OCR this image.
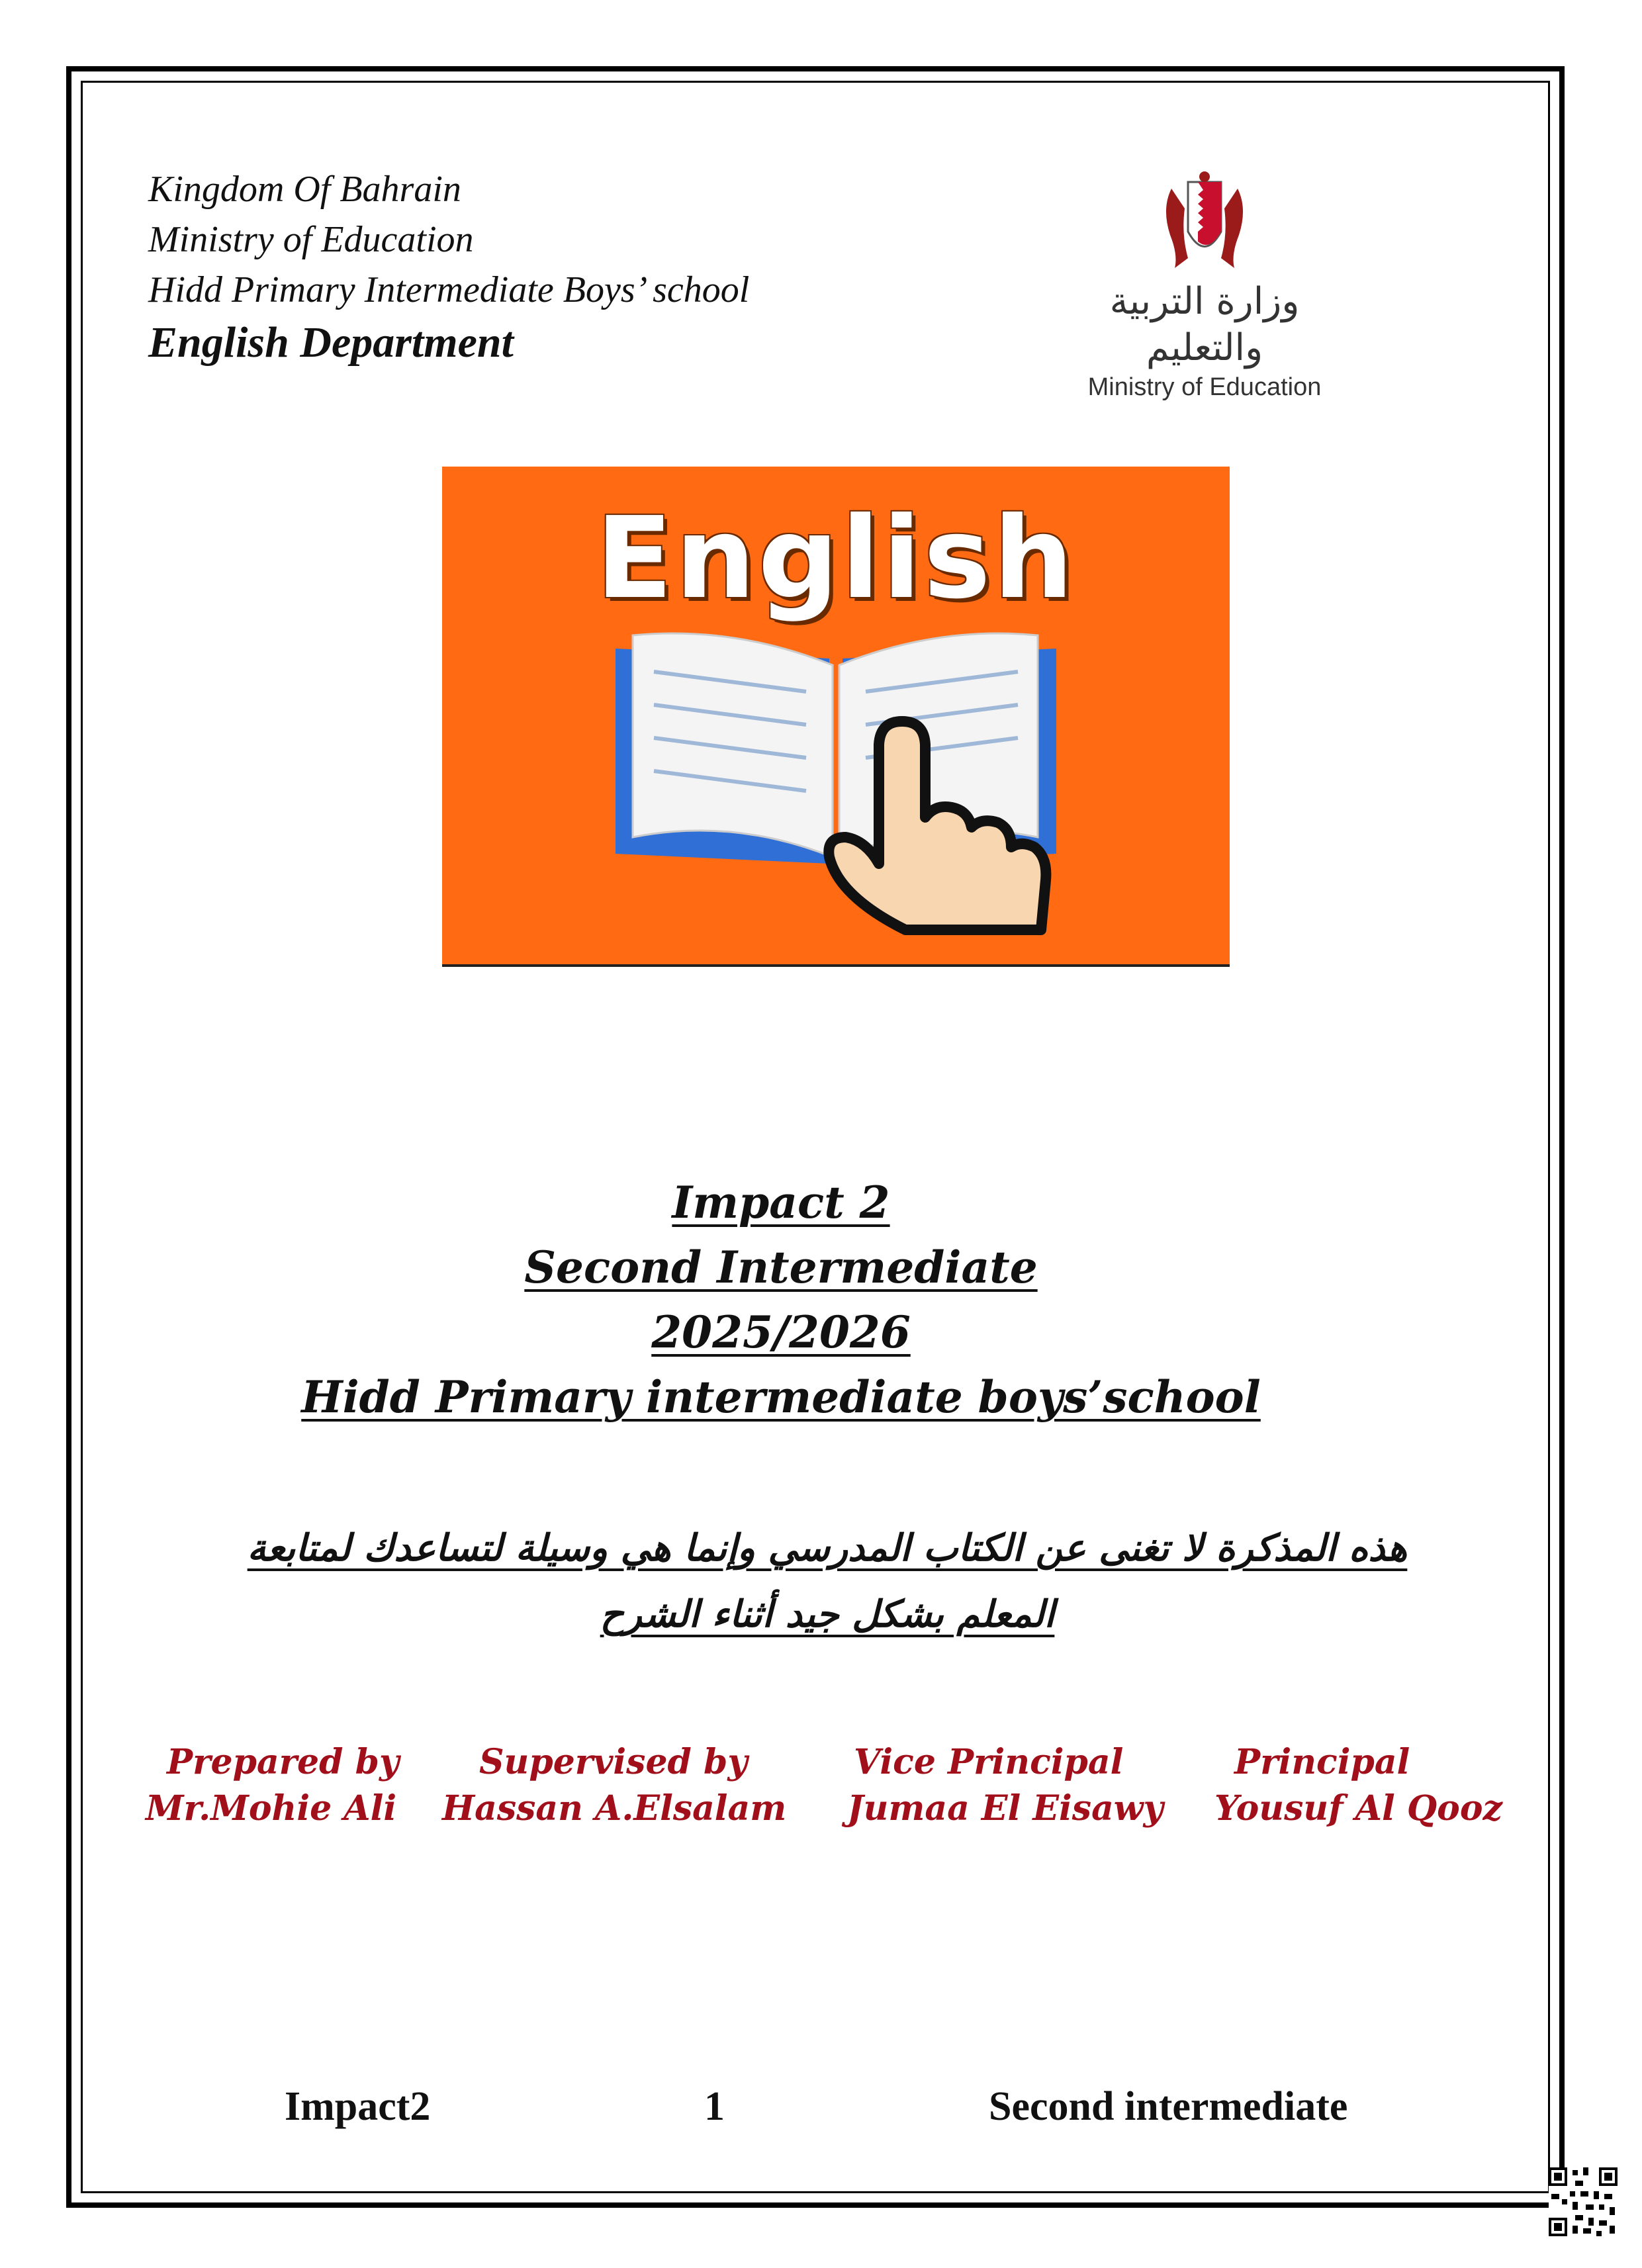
Kingdom Of Bahrain
Ministry of Education
Hidd Primary Intermediate Boys’ school
English Department
وزارة التربية والتعليم
Ministry of Education
English
Impact 2
Second Intermediate
2025/2026
Hidd Primary intermediate boys’school
هذه المذكرة لا تغنى عن الكتاب المدرسي وإنما هي وسيلة لتساعدك لمتابعة
المعلم بشكل جيد أثناء الشرح
Prepared by
Mr.Mohie Ali
Supervised by
Hassan A.Elsalam
Vice Principal
Jumaa El Eisawy
Principal
Yousuf Al Qooz
Impact2	1	Second intermediate
